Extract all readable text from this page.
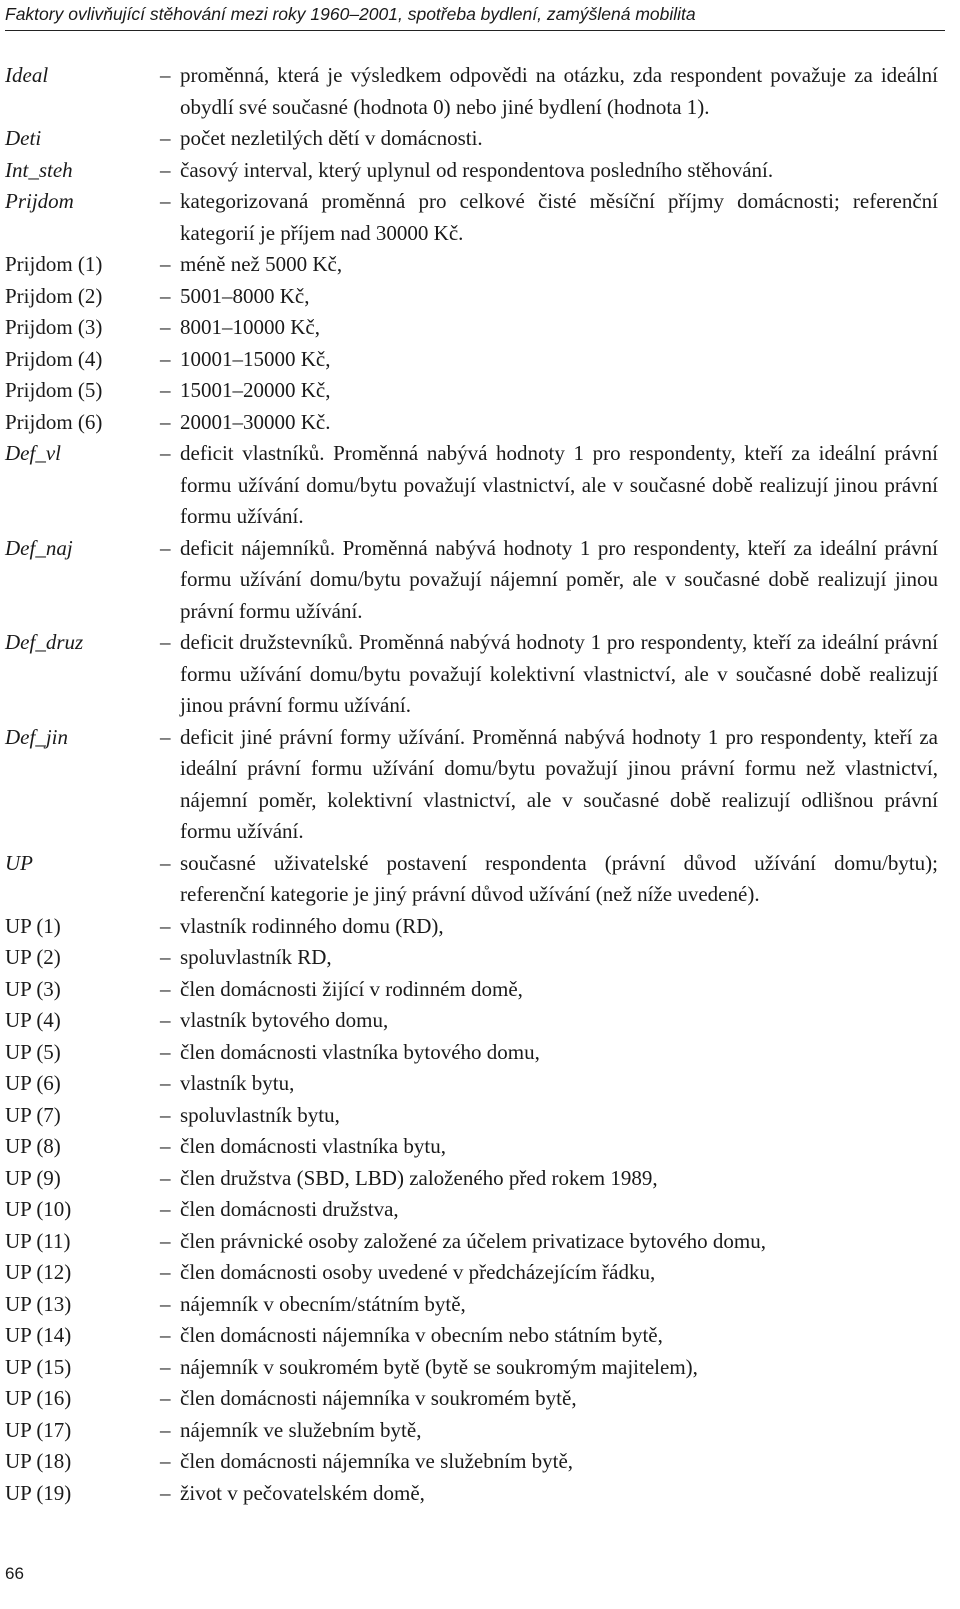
Faktory ovlivňující stěhování mezi roky 1960–2001, spotřeba bydlení, zamýšlená mobilita
Ideal	– proměnná, která je výsledkem odpovědi na otázku, zda respondent považuje za ideální obydlí své současné (hodnota 0) nebo jiné bydlení (hodnota 1).
Deti	– počet nezletilých dětí v domácnosti.
Int_steh	– časový interval, který uplynul od respondentova posledního stěhování.
Prijdom	– kategorizovaná proměnná pro celkové čisté měsíční příjmy domácnosti; referenční kategorií je příjem nad 30000 Kč.
Prijdom (1)	– méně než 5000 Kč,
Prijdom (2)	– 5001–8000 Kč,
Prijdom (3)	– 8001–10000 Kč,
Prijdom (4)	– 10001–15000 Kč,
Prijdom (5)	– 15001–20000 Kč,
Prijdom (6)	– 20001–30000 Kč.
Def_vl	– deficit vlastníků. Proměnná nabývá hodnoty 1 pro respondenty, kteří za ideální právní formu užívání domu/bytu považují vlastnictví, ale v současné době realizují jinou právní formu užívání.
Def_naj	– deficit nájemníků. Proměnná nabývá hodnoty 1 pro respondenty, kteří za ideální právní formu užívání domu/bytu považují nájemní poměr, ale v současné době realizují jinou právní formu užívání.
Def_druz	– deficit družstevníků. Proměnná nabývá hodnoty 1 pro respondenty, kteří za ideální právní formu užívání domu/bytu považují kolektivní vlastnictví, ale v současné době realizují jinou právní formu užívání.
Def_jin	– deficit jiné právní formy užívání. Proměnná nabývá hodnoty 1 pro respondenty, kteří za ideální právní formu užívání domu/bytu považují jinou právní formu než vlastnictví, nájemní poměr, kolektivní vlastnictví, ale v současné době realizují odlišnou právní formu užívání.
UP	– současné uživatelské postavení respondenta (právní důvod užívání domu/bytu); referenční kategorie je jiný právní důvod užívání (než níže uvedené).
UP (1)	– vlastník rodinného domu (RD),
UP (2)	– spoluvlastník RD,
UP (3)	– člen domácnosti žijící v rodinném domě,
UP (4)	– vlastník bytového domu,
UP (5)	– člen domácnosti vlastníka bytového domu,
UP (6)	– vlastník bytu,
UP (7)	– spoluvlastník bytu,
UP (8)	– člen domácnosti vlastníka bytu,
UP (9)	– člen družstva (SBD, LBD) založeného před rokem 1989,
UP (10)	– člen domácnosti družstva,
UP (11)	– člen právnické osoby založené za účelem privatizace bytového domu,
UP (12)	– člen domácnosti osoby uvedené v předcházejícím řádku,
UP (13)	– nájemník v obecním/státním bytě,
UP (14)	– člen domácnosti nájemníka v obecním nebo státním bytě,
UP (15)	– nájemník v soukromém bytě (bytě se soukromým majitelem),
UP (16)	– člen domácnosti nájemníka v soukromém bytě,
UP (17)	– nájemník ve služebním bytě,
UP (18)	– člen domácnosti nájemníka ve služebním bytě,
UP (19)	– život v pečovatelském domě,
66
